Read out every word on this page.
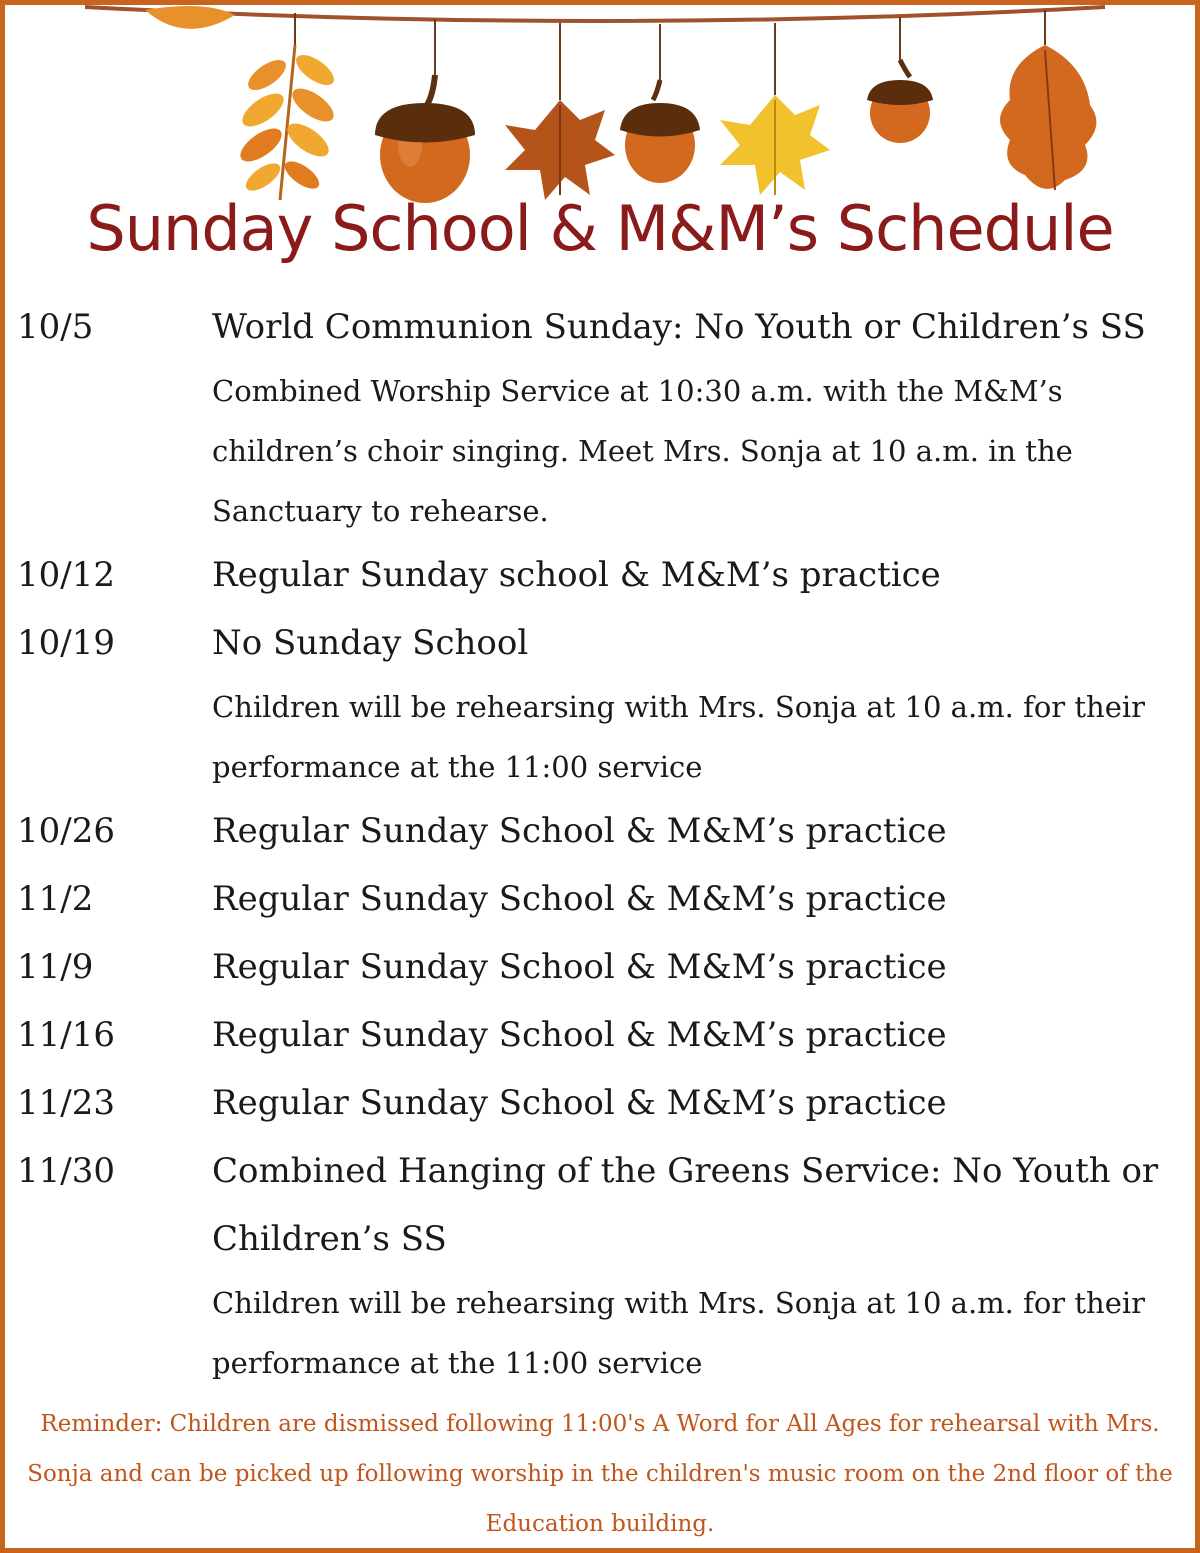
Sunday School & M&M’s Schedule
10/5	World Communion Sunday: No Youth or Children’s SS
Combined Worship Service at 10:30 a.m. with the M&M’s children’s choir singing. Meet Mrs. Sonja at 10 a.m. in the Sanctuary to rehearse.
10/12	Regular Sunday school & M&M’s practice
10/19	No Sunday School
Children will be rehearsing with Mrs. Sonja at 10 a.m. for their performance at the 11:00 service
10/26	Regular Sunday School & M&M’s practice
11/2	Regular Sunday School & M&M’s practice
11/9	Regular Sunday School & M&M’s practice
11/16	Regular Sunday School & M&M’s practice
11/23	Regular Sunday School & M&M’s practice
11/30	Combined Hanging of the Greens Service: No Youth or Children’s SS
Children will be rehearsing with Mrs. Sonja at 10 a.m. for their performance at the 11:00 service
Reminder: Children are dismissed following 11:00's A Word for All Ages for rehearsal with Mrs. Sonja and can be picked up following worship in the children's music room on the 2nd floor of the Education building.
